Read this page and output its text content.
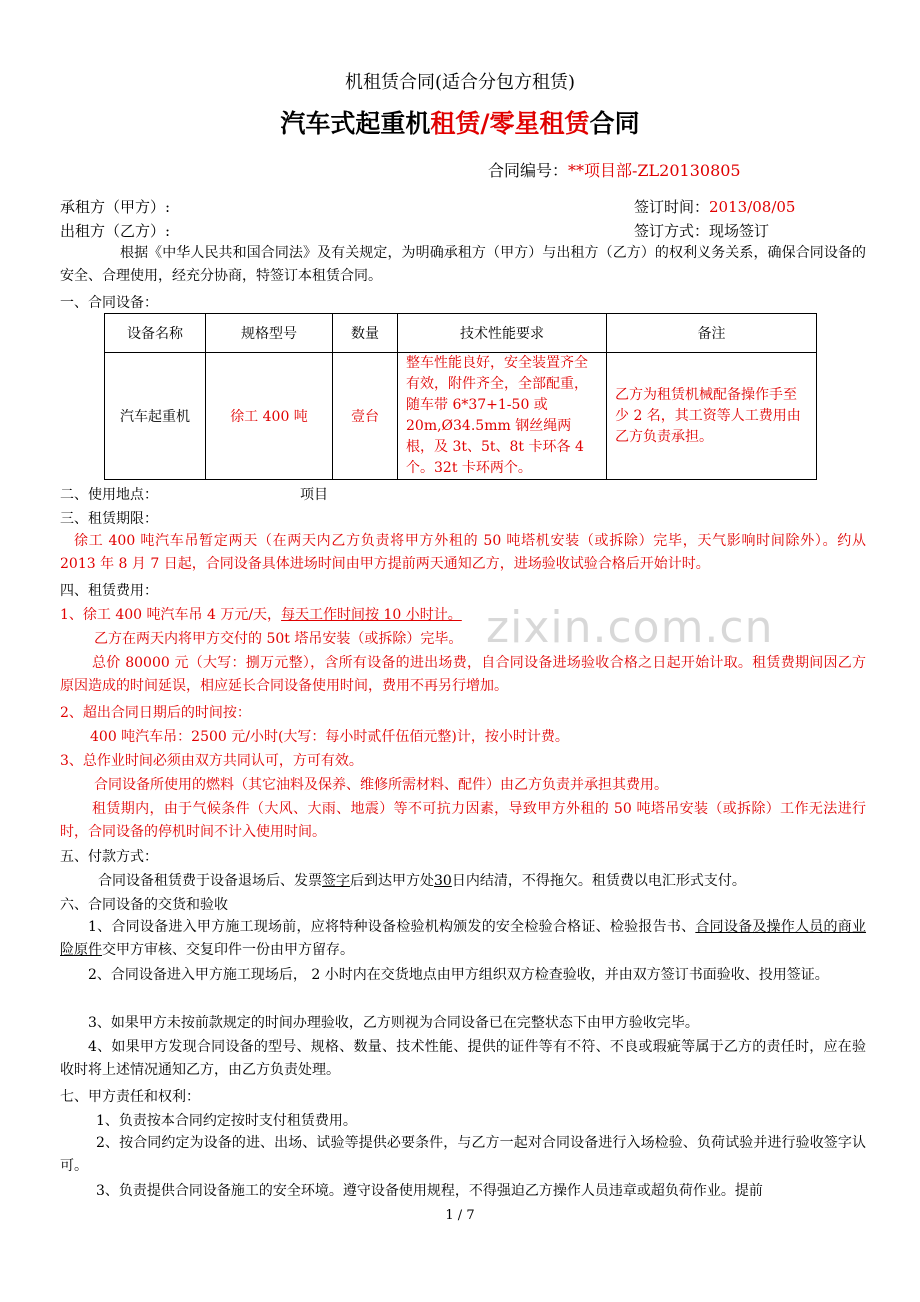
zixin.com.cn
机租赁合同(适合分包方租赁)
汽车式起重机租赁/零星租赁合同
合同编号：**项目部-ZL20130805
承租方（甲方）:	签订时间：2013/08/05
出租方（乙方）:	签订方式：现场签订
根据《中华人民共和国合同法》及有关规定，为明确承租方（甲方）与出租方（乙方）的权利义务关系，确保合同设备的安全、合理使用，经充分协商，特签订本租赁合同。
一、合同设备：
设备名称	规格型号	数量	技术性能要求	备注
汽车起重机	徐工 400 吨	壹台	整车性能良好，安全装置齐全有效，附件齐全，全部配重，随车带 6*37+1-50 或 20m,Ø34.5mm 钢丝绳两根，及 3t、5t、8t 卡环各 4 个。32t 卡环两个。	乙方为租赁机械配备操作手至少 2 名，其工资等人工费用由乙方负责承担。
二、使用地点：	项目
三、租赁期限：
徐工 400 吨汽车吊暂定两天（在两天内乙方负责将甲方外租的 50 吨塔机安装（或拆除）完毕，天气影响时间除外）。约从 2013 年 8 月 7 日起，合同设备具体进场时间由甲方提前两天通知乙方，进场验收试验合格后开始计时。
四、租赁费用：
1、徐工 400 吨汽车吊 4 万元/天，每天工作时间按 10 小时计。
乙方在两天内将甲方交付的 50t 塔吊安装（或拆除）完毕。
总价 80000 元（大写：捌万元整），含所有设备的进出场费，自合同设备进场验收合格之日起开始计取。租赁费期间因乙方原因造成的时间延误，相应延长合同设备使用时间，费用不再另行增加。
2、超出合同日期后的时间按：
400 吨汽车吊：2500 元/小时(大写：每小时贰仟伍佰元整)计，按小时计费。
3、总作业时间必须由双方共同认可，方可有效。
合同设备所使用的燃料（其它油料及保养、维修所需材料、配件）由乙方负责并承担其费用。
租赁期内，由于气候条件（大风、大雨、地震）等不可抗力因素，导致甲方外租的 50 吨塔吊安装（或拆除）工作无法进行时，合同设备的停机时间不计入使用时间。
五、付款方式：
合同设备租赁费于设备退场后、发票签字后到达甲方处30日内结清，不得拖欠。租赁费以电汇形式支付。
六、合同设备的交货和验收
1、合同设备进入甲方施工现场前，应将特种设备检验机构颁发的安全检验合格证、检验报告书、合同设备及操作人员的商业险原件交甲方审核、交复印件一份由甲方留存。
2、合同设备进入甲方施工现场后， 2 小时内在交货地点由甲方组织双方检查验收，并由双方签订书面验收、投用签证。
3、如果甲方未按前款规定的时间办理验收，乙方则视为合同设备已在完整状态下由甲方验收完毕。
4、如果甲方发现合同设备的型号、规格、数量、技术性能、提供的证件等有不符、不良或瑕疵等属于乙方的责任时，应在验收时将上述情况通知乙方，由乙方负责处理。
七、甲方责任和权利：
1、负责按本合同约定按时支付租赁费用。
2、按合同约定为设备的进、出场、试验等提供必要条件，与乙方一起对合同设备进行入场检验、负荷试验并进行验收签字认可。
3、负责提供合同设备施工的安全环境。遵守设备使用规程，不得强迫乙方操作人员违章或超负荷作业。提前
1 / 7
